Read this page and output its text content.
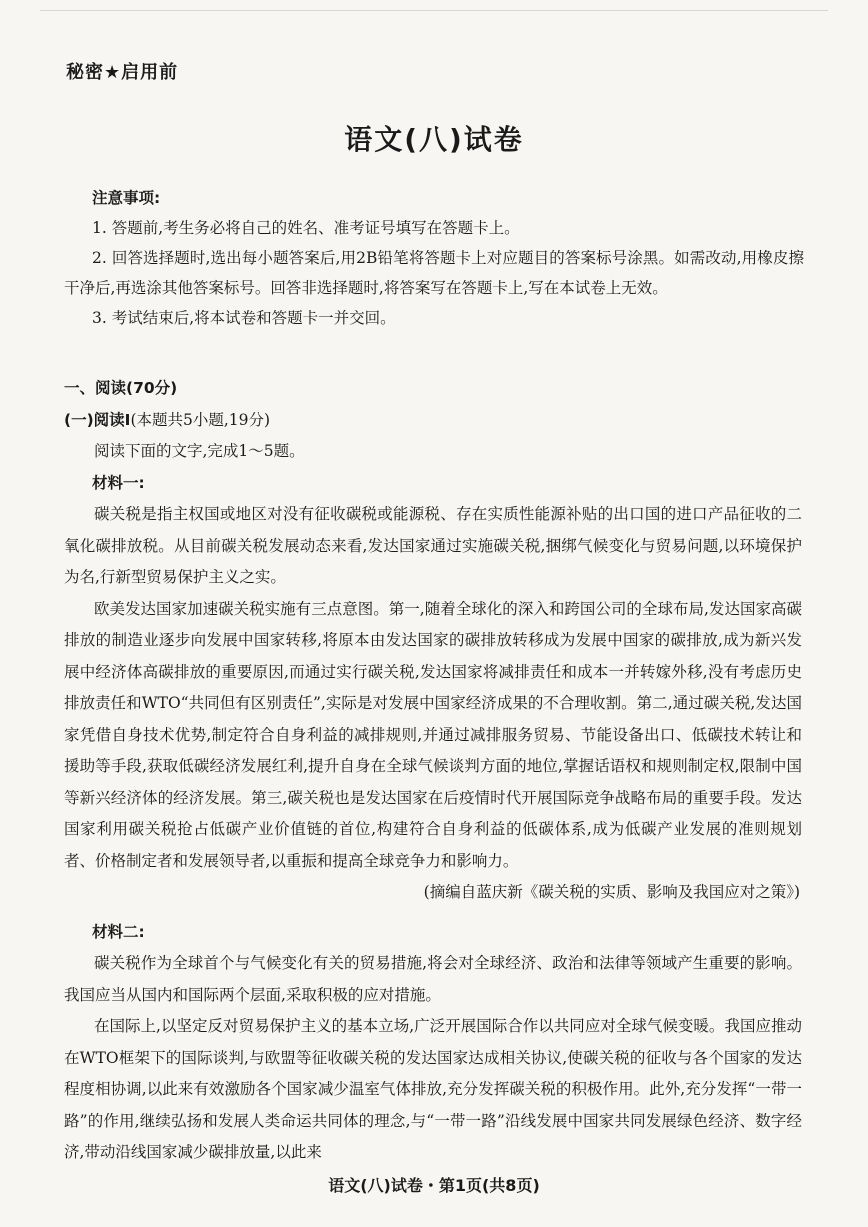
秘密★启用前
语文(八)试卷
注意事项:
1. 答题前,考生务必将自己的姓名、准考证号填写在答题卡上。
2. 回答选择题时,选出每小题答案后,用2B铅笔将答题卡上对应题目的答案标号涂黑。如需改动,用橡皮擦干净后,再选涂其他答案标号。回答非选择题时,将答案写在答题卡上,写在本试卷上无效。
3. 考试结束后,将本试卷和答题卡一并交回。
一、阅读(70分)
(一)阅读Ⅰ(本题共5小题,19分)

阅读下面的文字,完成1～5题。

材料一:

碳关税是指主权国或地区对没有征收碳税或能源税、存在实质性能源补贴的出口国的进口产品征收的二氧化碳排放税。从目前碳关税发展动态来看,发达国家通过实施碳关税,捆绑气候变化与贸易问题,以环境保护为名,行新型贸易保护主义之实。

欧美发达国家加速碳关税实施有三点意图。第一,随着全球化的深入和跨国公司的全球布局,发达国家高碳排放的制造业逐步向发展中国家转移,将原本由发达国家的碳排放转移成为发展中国家的碳排放,成为新兴发展中经济体高碳排放的重要原因,而通过实行碳关税,发达国家将减排责任和成本一并转嫁外移,没有考虑历史排放责任和WTO“共同但有区别责任”,实际是对发展中国家经济成果的不合理收割。第二,通过碳关税,发达国家凭借自身技术优势,制定符合自身利益的减排规则,并通过减排服务贸易、节能设备出口、低碳技术转让和援助等手段,获取低碳经济发展红利,提升自身在全球气候谈判方面的地位,掌握话语权和规则制定权,限制中国等新兴经济体的经济发展。第三,碳关税也是发达国家在后疫情时代开展国际竞争战略布局的重要手段。发达国家利用碳关税抢占低碳产业价值链的首位,构建符合自身利益的低碳体系,成为低碳产业发展的准则规划者、价格制定者和发展领导者,以重振和提高全球竞争力和影响力。

(摘编自蓝庆新《碳关税的实质、影响及我国应对之策》)

材料二:

碳关税作为全球首个与气候变化有关的贸易措施,将会对全球经济、政治和法律等领域产生重要的影响。我国应当从国内和国际两个层面,采取积极的应对措施。

在国际上,以坚定反对贸易保护主义的基本立场,广泛开展国际合作以共同应对全球气候变暖。我国应推动在WTO框架下的国际谈判,与欧盟等征收碳关税的发达国家达成相关协议,使碳关税的征收与各个国家的发达程度相协调,以此来有效激励各个国家减少温室气体排放,充分发挥碳关税的积极作用。此外,充分发挥“一带一路”的作用,继续弘扬和发展人类命运共同体的理念,与“一带一路”沿线发展中国家共同发展绿色经济、数字经济,带动沿线国家减少碳排放量,以此来

语文(八)试卷・第1页(共8页)
